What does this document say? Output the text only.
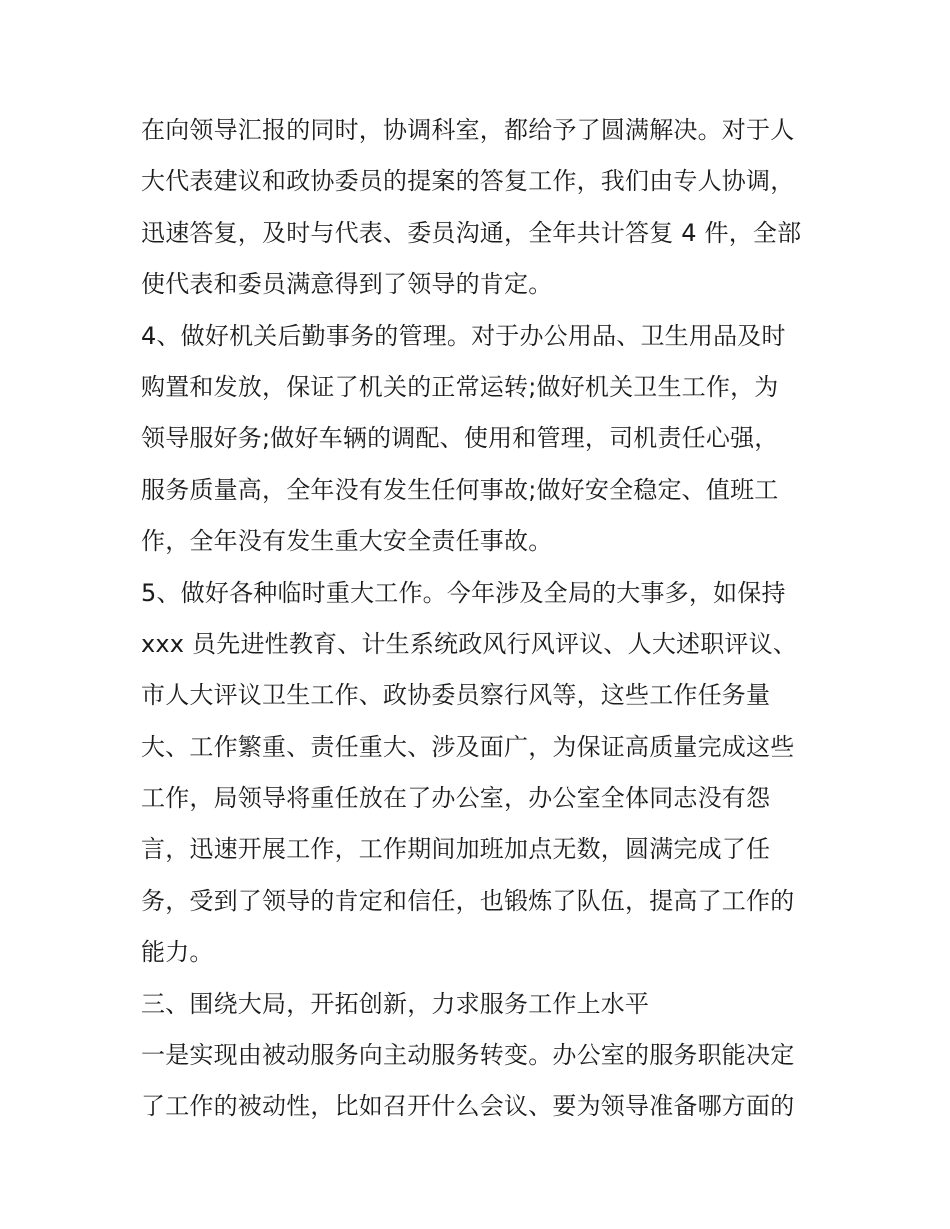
在向领导汇报的同时，协调科室，都给予了圆满解决。对于人
大代表建议和政协委员的提案的答复工作，我们由专人协调，
迅速答复，及时与代表、委员沟通，全年共计答复 4 件，全部
使代表和委员满意得到了领导的肯定。
4、做好机关后勤事务的管理。对于办公用品、卫生用品及时
购置和发放，保证了机关的正常运转;做好机关卫生工作，为
领导服好务;做好车辆的调配、使用和管理，司机责任心强，
服务质量高，全年没有发生任何事故;做好安全稳定、值班工
作，全年没有发生重大安全责任事故。
5、做好各种临时重大工作。今年涉及全局的大事多，如保持
xxx 员先进性教育、计生系统政风行风评议、人大述职评议、
市人大评议卫生工作、政协委员察行风等，这些工作任务量
大、工作繁重、责任重大、涉及面广，为保证高质量完成这些
工作，局领导将重任放在了办公室，办公室全体同志没有怨
言，迅速开展工作，工作期间加班加点无数，圆满完成了任
务，受到了领导的肯定和信任，也锻炼了队伍，提高了工作的
能力。
三、围绕大局，开拓创新，力求服务工作上水平
一是实现由被动服务向主动服务转变。办公室的服务职能决定
了工作的被动性，比如召开什么会议、要为领导准备哪方面的
